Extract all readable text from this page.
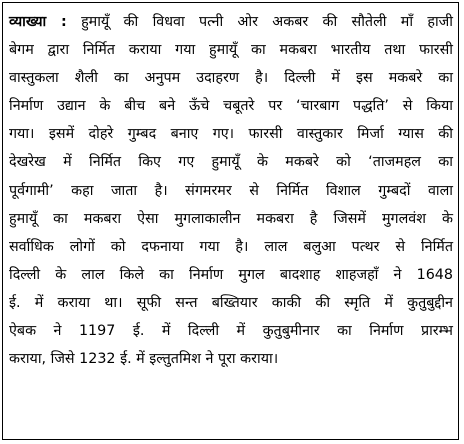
व्याख्या : हुमायूँ की विधवा पत्नी ओर अकबर की सौतेली माँ हाजी
बेगम द्वारा निर्मित कराया गया हुमायूँ का मकबरा भारतीय तथा फारसी
वास्तुकला शैली का अनुपम उदाहरण है। दिल्ली में इस मकबरे का
निर्माण उद्यान के बीच बने ऊँचे चबूतरे पर ‘चारबाग पद्धति’ से किया
गया। इसमें दोहरे गुम्बद बनाए गए। फारसी वास्तुकार मिर्जा ग्यास की
देखरेख में निर्मित किए गए हुमायूँ के मकबरे को ‘ताजमहल का
पूर्वगामी’ कहा जाता है। संगमरमर से निर्मित विशाल गुम्बदों वाला
हुमायूँ का मकबरा ऐसा मुगलाकालीन मकबरा है जिसमें मुगलवंश के
सर्वाधिक लोगों को दफनाया गया है। लाल बलुआ पत्थर से निर्मित
दिल्ली के लाल किले का निर्माण मुगल बादशाह शाहजहाँ ने 1648
ई. में कराया था। सूफी सन्त बख्तियार काकी की स्मृति में कुतुबुद्दीन
ऐबक ने 1197 ई. में दिल्ली में कुतुबुमीनार का निर्माण प्रारम्भ
कराया, जिसे 1232 ई. में इल्तुतमिश ने पूरा कराया।
